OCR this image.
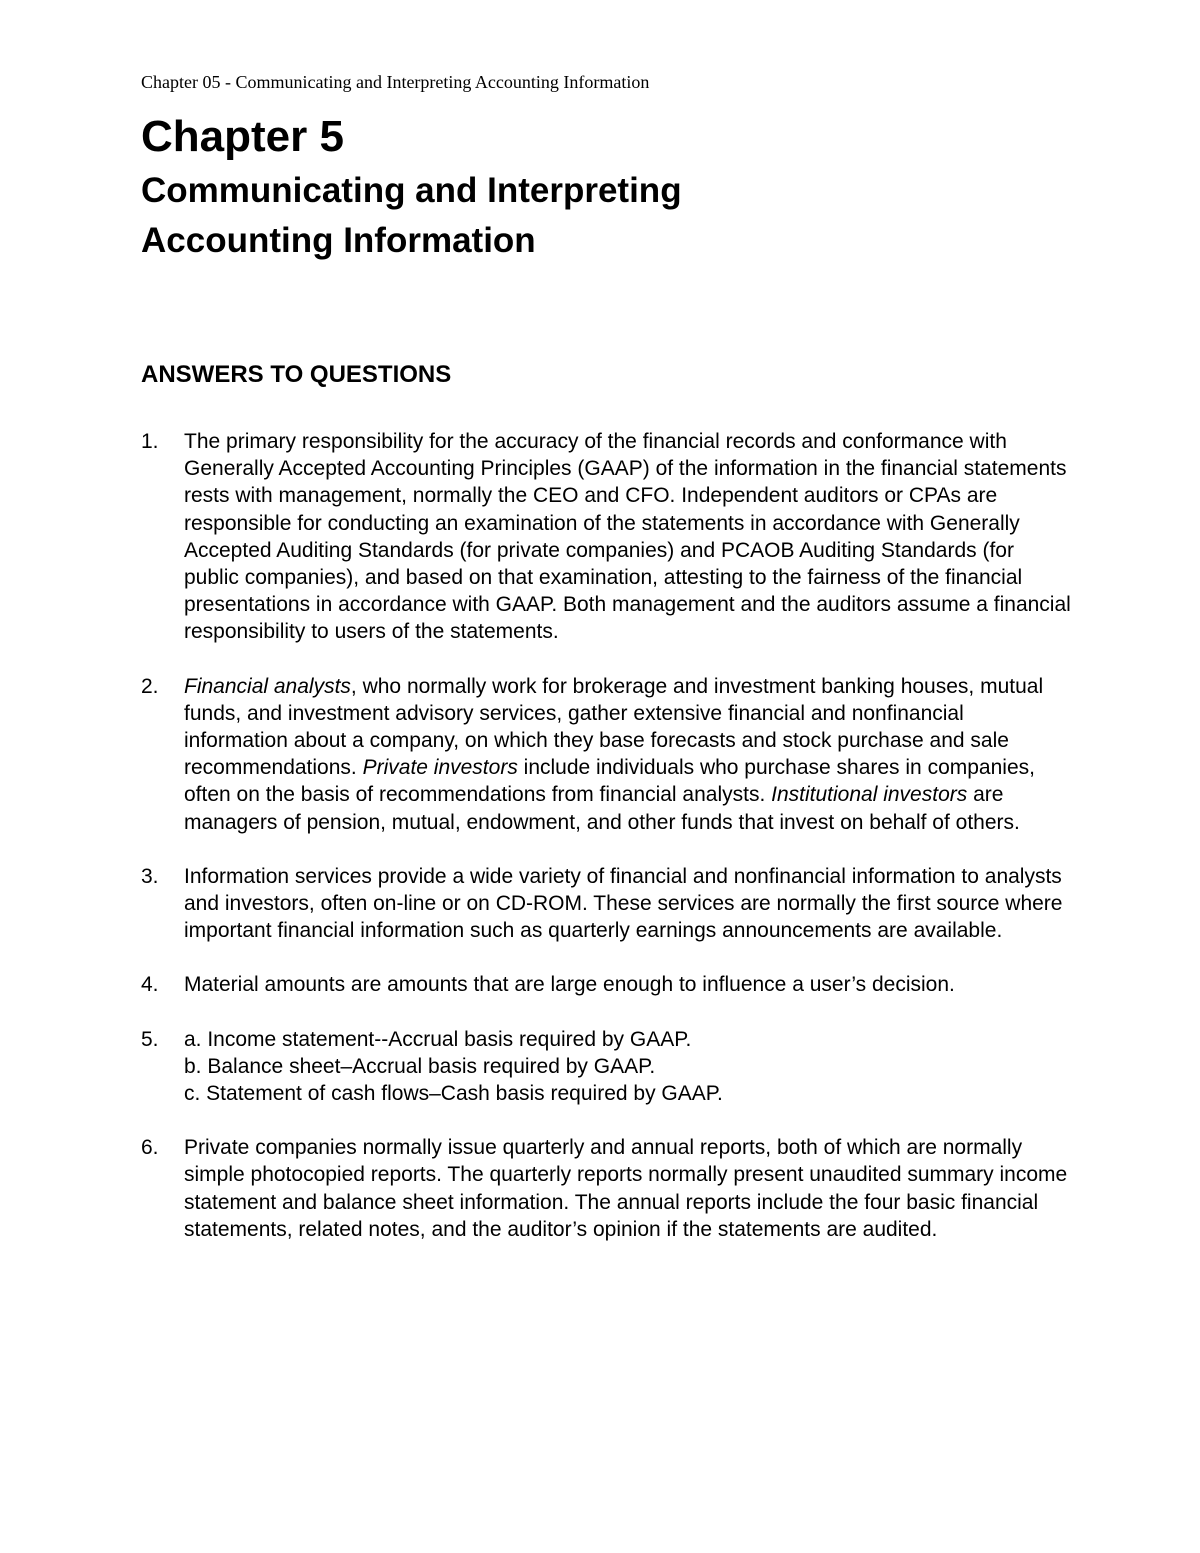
Chapter 05 - Communicating and Interpreting Accounting Information
Chapter 5
Communicating and Interpreting
Accounting Information
ANSWERS TO QUESTIONS
1. The primary responsibility for the accuracy of the financial records and conformance with Generally Accepted Accounting Principles (GAAP) of the information in the financial statements rests with management, normally the CEO and CFO. Independent auditors or CPAs are responsible for conducting an examination of the statements in accordance with Generally Accepted Auditing Standards (for private companies) and PCAOB Auditing Standards (for public companies), and based on that examination, attesting to the fairness of the financial presentations in accordance with GAAP. Both management and the auditors assume a financial responsibility to users of the statements.
2. Financial analysts, who normally work for brokerage and investment banking houses, mutual funds, and investment advisory services, gather extensive financial and nonfinancial information about a company, on which they base forecasts and stock purchase and sale recommendations. Private investors include individuals who purchase shares in companies, often on the basis of recommendations from financial analysts. Institutional investors are managers of pension, mutual, endowment, and other funds that invest on behalf of others.
3. Information services provide a wide variety of financial and nonfinancial information to analysts and investors, often on-line or on CD-ROM. These services are normally the first source where important financial information such as quarterly earnings announcements are available.
4. Material amounts are amounts that are large enough to influence a user’s decision.
5. a. Income statement--Accrual basis required by GAAP.
b. Balance sheet–Accrual basis required by GAAP.
c. Statement of cash flows–Cash basis required by GAAP.
6. Private companies normally issue quarterly and annual reports, both of which are normally simple photocopied reports. The quarterly reports normally present unaudited summary income statement and balance sheet information. The annual reports include the four basic financial statements, related notes, and the auditor’s opinion if the statements are audited.
